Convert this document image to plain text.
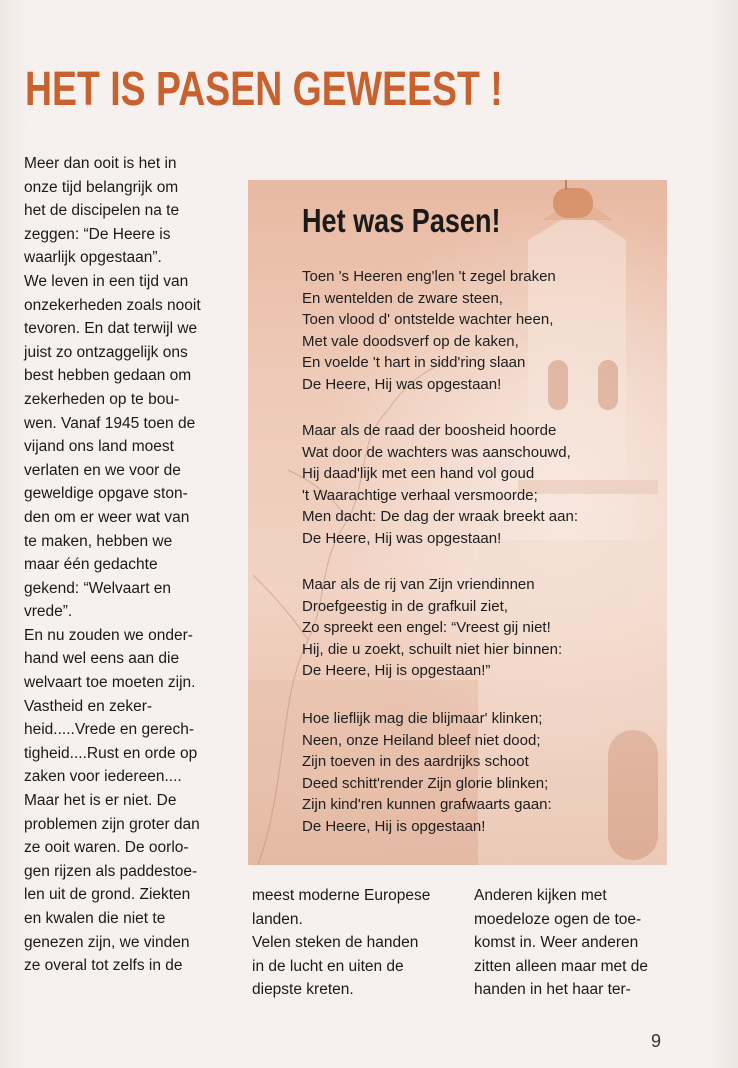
HET IS PASEN GEWEEST !

Meer dan ooit is het in

onze tijd belangrijk om

het de discipelen na te

zeggen: “De Heere is

waarlijk opgestaan”.

We leven in een tijd van

onzekerheden zoals nooit

tevoren. En dat terwijl we

juist zo ontzaggelijk ons

best hebben gedaan om

zekerheden op te bou-

wen. Vanaf 1945 toen de

vijand ons land moest

verlaten en we voor de

geweldige opgave ston-

den om er weer wat van

te maken, hebben we

maar één gedachte

gekend: “Welvaart en

vrede”.

En nu zouden we onder-

hand wel eens aan die

welvaart toe moeten zijn.

Vastheid en zeker-

heid.....Vrede en gerech-

tigheid....Rust en orde op

zaken voor iedereen....

Maar het is er niet. De

problemen zijn groter dan

ze ooit waren. De oorlo-

gen rijzen als paddestoe-

len uit de grond. Ziekten

en kwalen die niet te

genezen zijn, we vinden

ze overal tot zelfs in de

Het was Pasen!
Toen 's Heeren eng'len 't zegel braken
En wentelden de zware steen,
Toen vlood d' ontstelde wachter heen,
Met vale doodsverf op de kaken,
En voelde 't hart in sidd'ring slaan
De Heere, Hij was opgestaan!
Maar als de raad der boosheid hoorde
Wat door de wachters was aanschouwd,
Hij daad'lijk met een hand vol goud
't Waarachtige verhaal versmoorde;
Men dacht: De dag der wraak breekt aan:
De Heere, Hij was opgestaan!
Maar als de rij van Zijn vriendinnen
Droefgeestig in de grafkuil ziet,
Zo spreekt een engel: “Vreest gij niet!
Hij, die u zoekt, schuilt niet hier binnen:
De Heere, Hij is opgestaan!”
Hoe lieflijk mag die blijmaar' klinken;
Neen, onze Heiland bleef niet dood;
Zijn toeven in des aardrijks schoot
Deed schitt'render Zijn glorie blinken;
Zijn kind'ren kunnen grafwaarts gaan:
De Heere, Hij is opgestaan!

meest moderne Europese

landen.

Velen steken de handen

in de lucht en uiten de

diepste kreten.

Anderen kijken met

moedeloze ogen de toe-

komst in. Weer anderen

zitten alleen maar met de

handen in het haar ter-

9
